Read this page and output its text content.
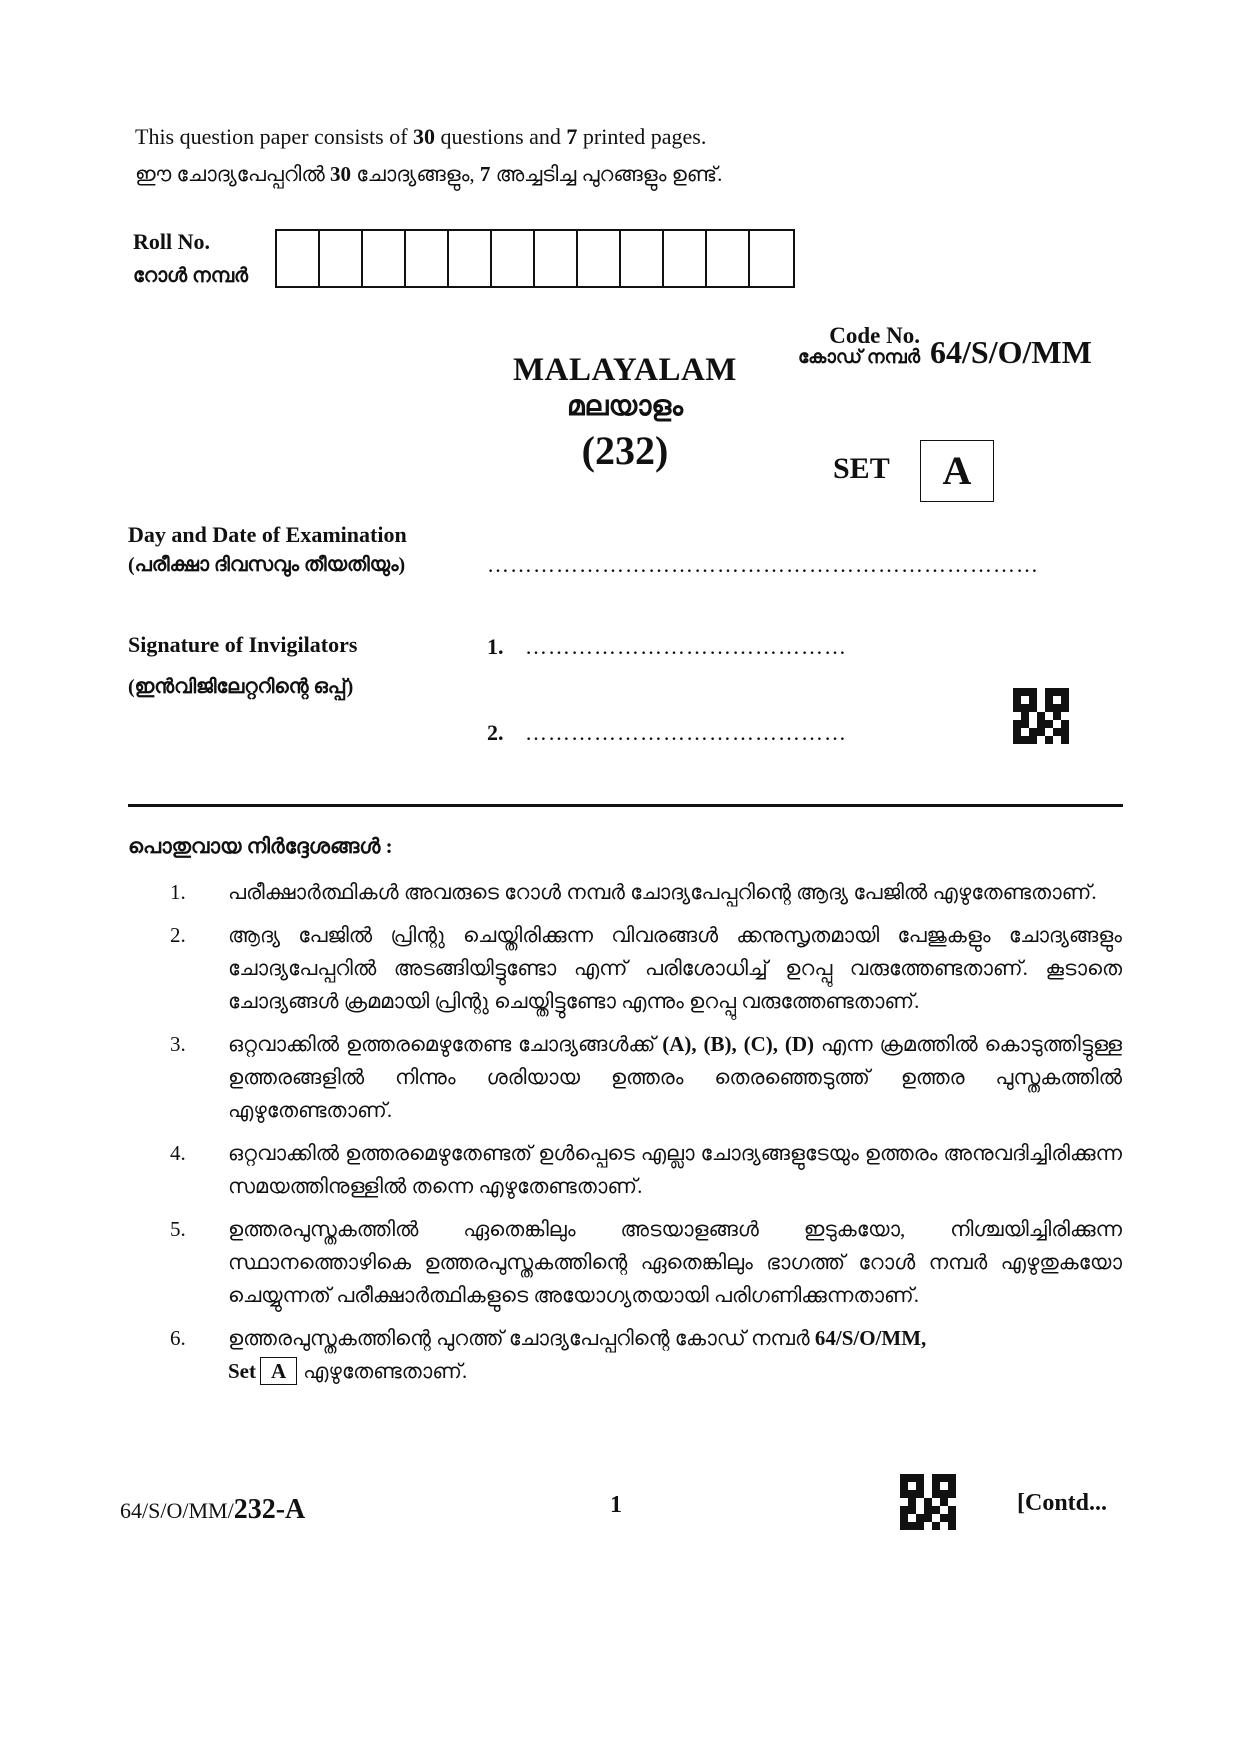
This question paper consists of 30 questions and 7 printed pages.
ഈ ചോദ്യപേപ്പറിൽ 30 ചോദ്യങ്ങളും, 7 അച്ചടിച്ച പുറങ്ങളും ഉണ്ട്.
Roll No.
റോൾ നമ്പർ
Code No.
കോഡ് നമ്പർ 64/S/O/MM
MALAYALAM
മലയാളം
(232)	SET	A
Day and Date of Examination
(പരീക്ഷാ ദിവസവും തീയതിയും)	………………………………………………………………
Signature of Invigilators
(ഇൻവിജിലേറ്ററിന്റെ ഒപ്പ്)
1. ……………………………………
2. ……………………………………
പൊതുവായ നിർദ്ദേശങ്ങൾ :
1.	പരീക്ഷാർത്ഥികൾ അവരുടെ റോൾ നമ്പർ ചോദ്യപേപ്പറിന്റെ ആദ്യ പേജിൽ എഴുതേണ്ടതാണ്.
2.	ആദ്യ പേജിൽ പ്രിന്റു ചെയ്തിരിക്കുന്ന വിവരങ്ങൾ ക്കനുസൃതമായി പേജുകളും ചോദ്യങ്ങളും ചോദ്യപേപ്പറിൽ അടങ്ങിയിട്ടുണ്ടോ എന്ന് പരിശോധിച്ച് ഉറപ്പു വരുത്തേണ്ടതാണ്. കൂടാതെ ചോദ്യങ്ങൾ ക്രമമായി പ്രിന്റു ചെയ്തിട്ടുണ്ടോ എന്നും ഉറപ്പു വരുത്തേണ്ടതാണ്.
3.	ഒറ്റവാക്കിൽ ഉത്തരമെഴുതേണ്ട ചോദ്യങ്ങൾക്ക് (A), (B), (C), (D) എന്ന ക്രമത്തിൽ കൊടുത്തിട്ടുള്ള ഉത്തരങ്ങളിൽ നിന്നും ശരിയായ ഉത്തരം തെരഞ്ഞെടുത്ത് ഉത്തര പുസ്തകത്തിൽ എഴുതേണ്ടതാണ്.
4.	ഒറ്റവാക്കിൽ ഉത്തരമെഴുതേണ്ടത് ഉൾപ്പെടെ എല്ലാ ചോദ്യങ്ങളുടേയും ഉത്തരം അനുവദിച്ചിരിക്കുന്ന സമയത്തിനുള്ളിൽ തന്നെ എഴുതേണ്ടതാണ്.
5.	ഉത്തരപുസ്തകത്തിൽ ഏതെങ്കിലും അടയാളങ്ങൾ ഇടുകയോ, നിശ്ചയിച്ചിരിക്കുന്ന സ്ഥാനത്തൊഴികെ ഉത്തരപുസ്തകത്തിന്റെ ഏതെങ്കിലും ഭാഗത്ത് റോൾ നമ്പർ എഴുതുകയോ ചെയ്യുന്നത് പരീക്ഷാർത്ഥികളുടെ അയോഗ്യതയായി പരിഗണിക്കുന്നതാണ്.
6.	ഉത്തരപുസ്തകത്തിന്റെ പുറത്ത് ചോദ്യപേപ്പറിന്റെ കോഡ് നമ്പർ 64/S/O/MM,
Set A എഴുതേണ്ടതാണ്.
64/S/O/MM/232-A	1	[Contd...
